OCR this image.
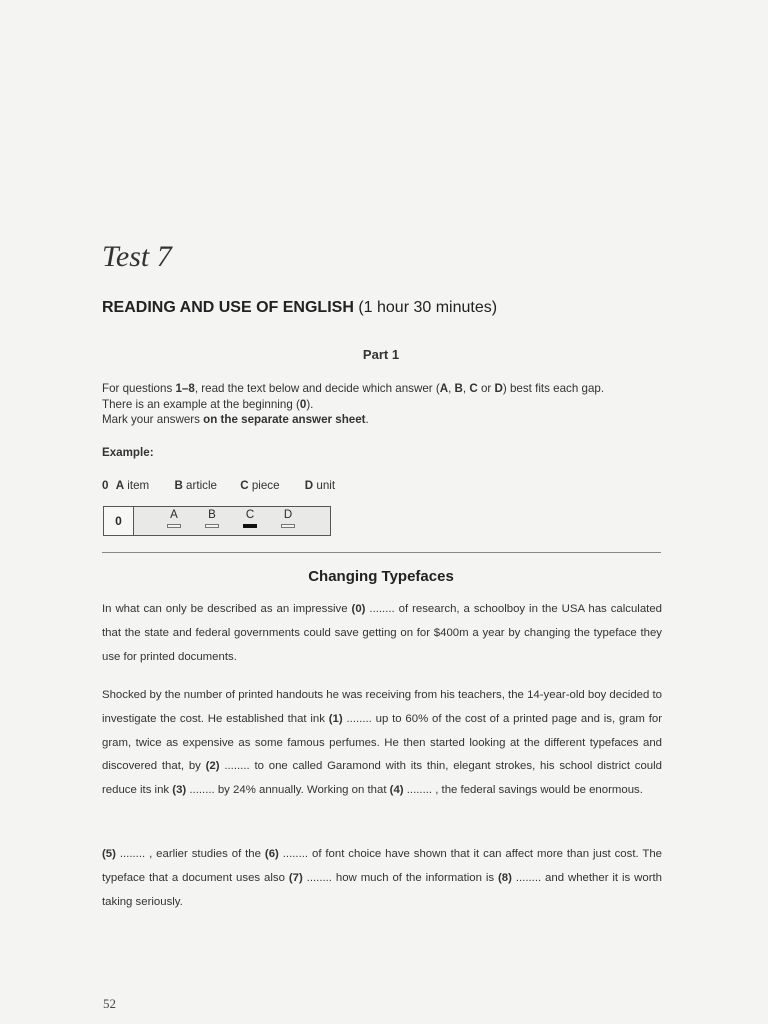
Test 7
READING AND USE OF ENGLISH (1 hour 30 minutes)
Part 1
For questions 1–8, read the text below and decide which answer (A, B, C or D) best fits each gap.
There is an example at the beginning (0).
Mark your answers on the separate answer sheet.
Example:
0 A item B article C piece D unit
0	A	B	C	D
Changing Typefaces
In what can only be described as an impressive (0) ........ of research, a schoolboy in the USA has calculated that the state and federal governments could save getting on for $400m a year by changing the typeface they use for printed documents.
Shocked by the number of printed handouts he was receiving from his teachers, the 14-year-old boy decided to investigate the cost. He established that ink (1) ........ up to 60% of the cost of a printed page and is, gram for gram, twice as expensive as some famous perfumes. He then started looking at the different typefaces and discovered that, by (2) ........ to one called Garamond with its thin, elegant strokes, his school district could reduce its ink (3) ........ by 24% annually. Working on that (4) ........ , the federal savings would be enormous.
(5) ........ , earlier studies of the (6) ........ of font choice have shown that it can affect more than just cost. The typeface that a document uses also (7) ........ how much of the information is (8) ........ and whether it is worth taking seriously.
52
